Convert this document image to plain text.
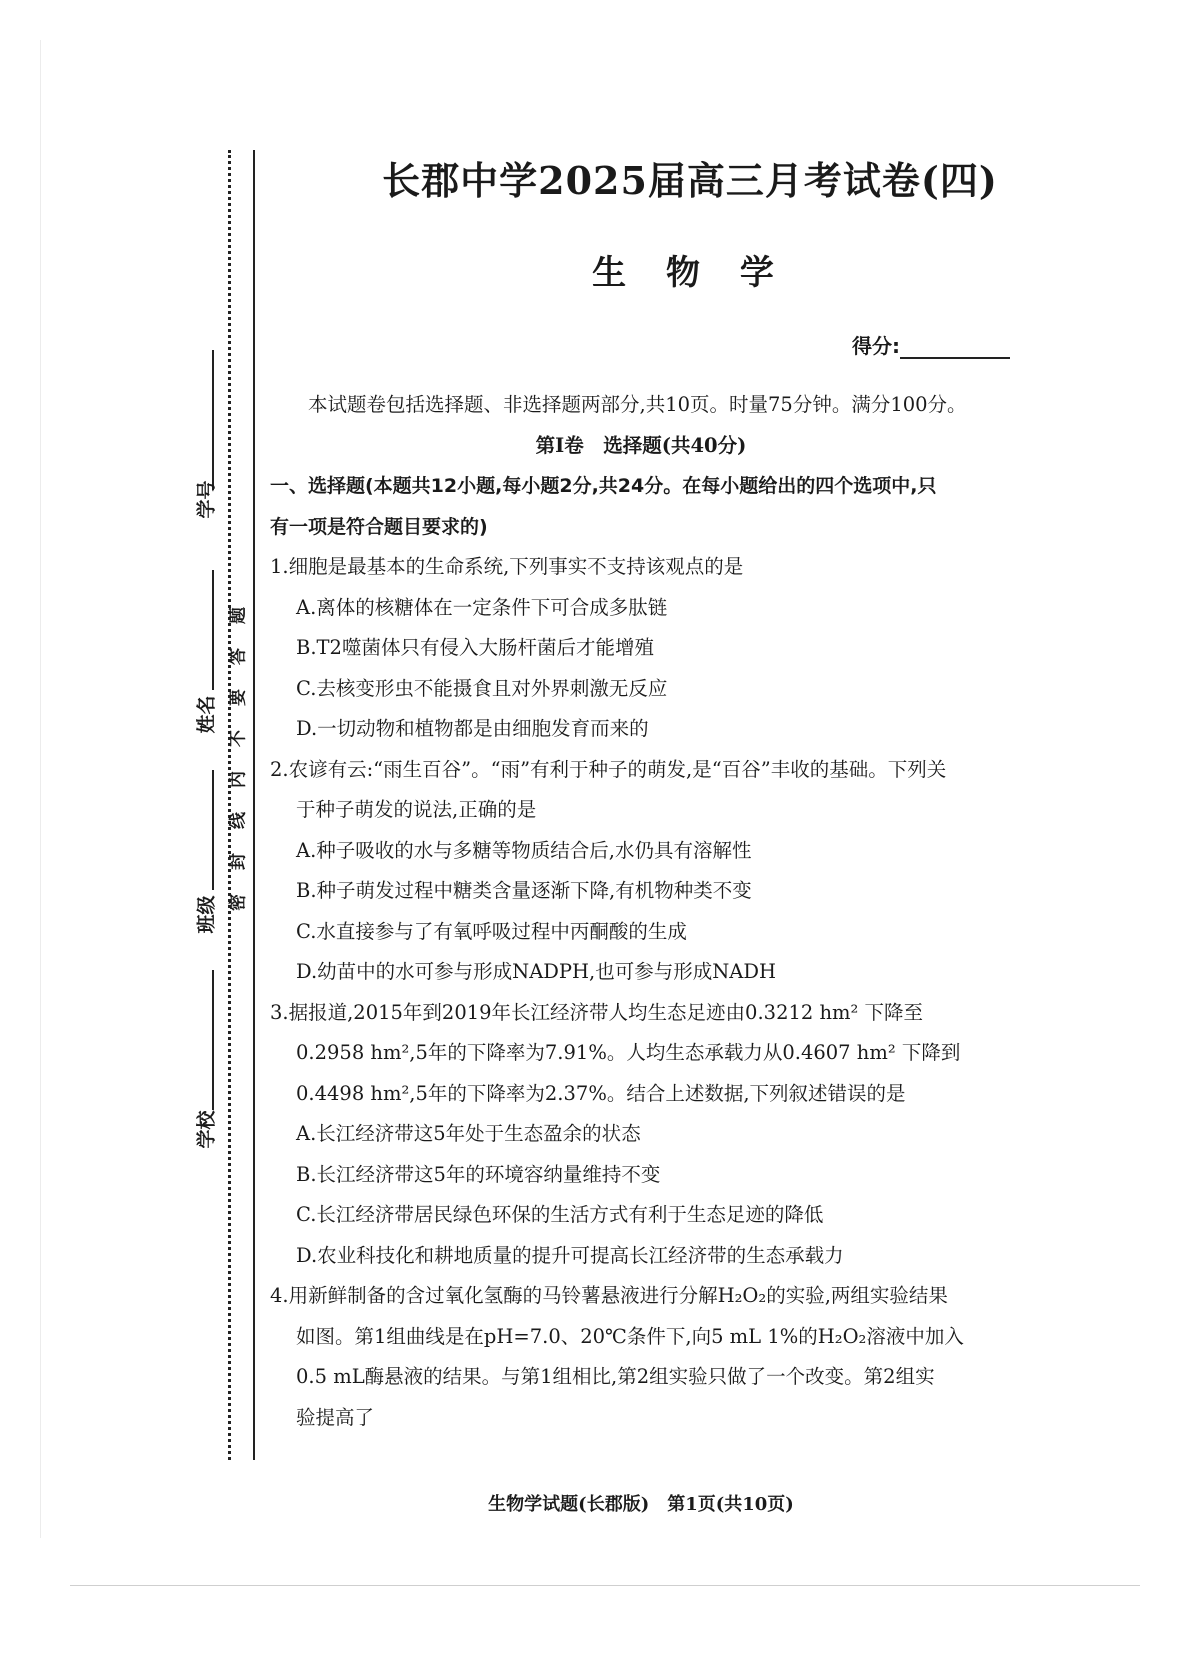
题
答
要
不
内
线
封
密
学号
姓名
班级
学校
长郡中学2025届高三月考试卷(四)
生 物 学
得分:

本试题卷包括选择题、非选择题两部分,共10页。时量75分钟。满分100分。

第Ⅰ卷　选择题(共40分)

一、选择题(本题共12小题,每小题2分,共24分。在每小题给出的四个选项中,只

有一项是符合题目要求的)

1.细胞是最基本的生命系统,下列事实不支持该观点的是

A.离体的核糖体在一定条件下可合成多肽链

B.T2噬菌体只有侵入大肠杆菌后才能增殖

C.去核变形虫不能摄食且对外界刺激无反应

D.一切动物和植物都是由细胞发育而来的

2.农谚有云:“雨生百谷”。“雨”有利于种子的萌发,是“百谷”丰收的基础。下列关

于种子萌发的说法,正确的是

A.种子吸收的水与多糖等物质结合后,水仍具有溶解性

B.种子萌发过程中糖类含量逐渐下降,有机物种类不变

C.水直接参与了有氧呼吸过程中丙酮酸的生成

D.幼苗中的水可参与形成NADPH,也可参与形成NADH

3.据报道,2015年到2019年长江经济带人均生态足迹由0.3212 hm² 下降至

0.2958 hm²,5年的下降率为7.91%。人均生态承载力从0.4607 hm² 下降到

0.4498 hm²,5年的下降率为2.37%。结合上述数据,下列叙述错误的是

A.长江经济带这5年处于生态盈余的状态

B.长江经济带这5年的环境容纳量维持不变

C.长江经济带居民绿色环保的生活方式有利于生态足迹的降低

D.农业科技化和耕地质量的提升可提高长江经济带的生态承载力

4.用新鲜制备的含过氧化氢酶的马铃薯悬液进行分解H₂O₂的实验,两组实验结果

如图。第1组曲线是在pH=7.0、20℃条件下,向5 mL 1%的H₂O₂溶液中加入

0.5 mL酶悬液的结果。与第1组相比,第2组实验只做了一个改变。第2组实

验提高了

生物学试题(长郡版)　第1页(共10页)
